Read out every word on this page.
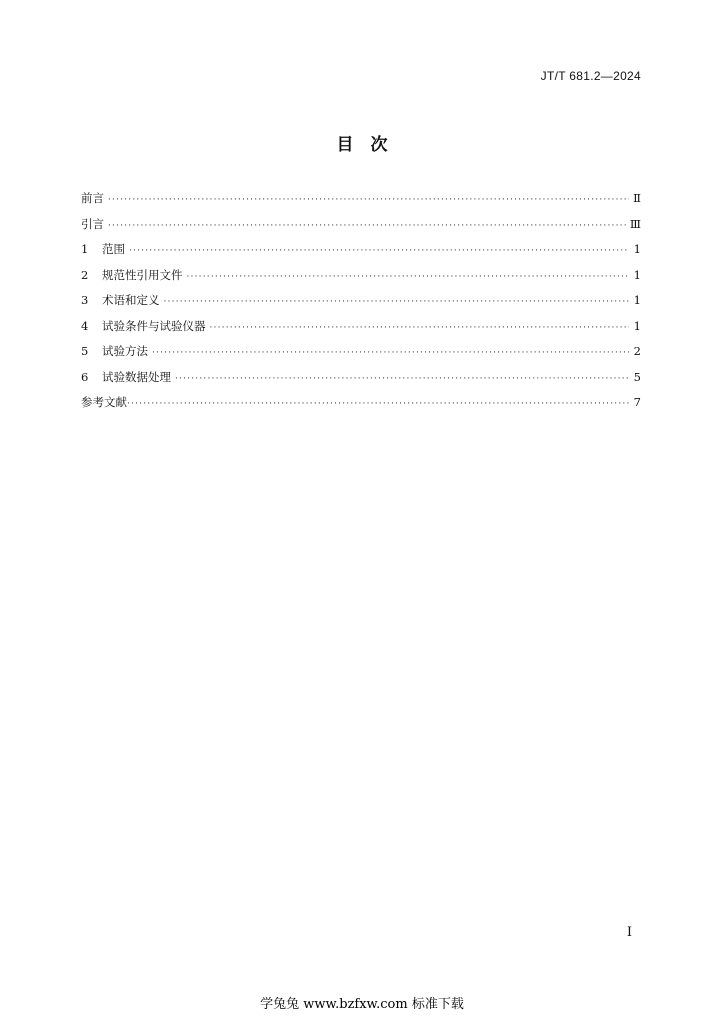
JT/T 681.2—2024
目　次
前言 ·····	Ⅱ
引言 ·····	Ⅲ
1	范围 ·····	1
2	规范性引用文件 ·····	1
3	术语和定义 ·····	1
4	试验条件与试验仪器 ·····	1
5	试验方法 ·····	2
6	试验数据处理 ·····	5
参考文献 ·····	7
I
学兔兔 www.bzfxw.com 标准下载
